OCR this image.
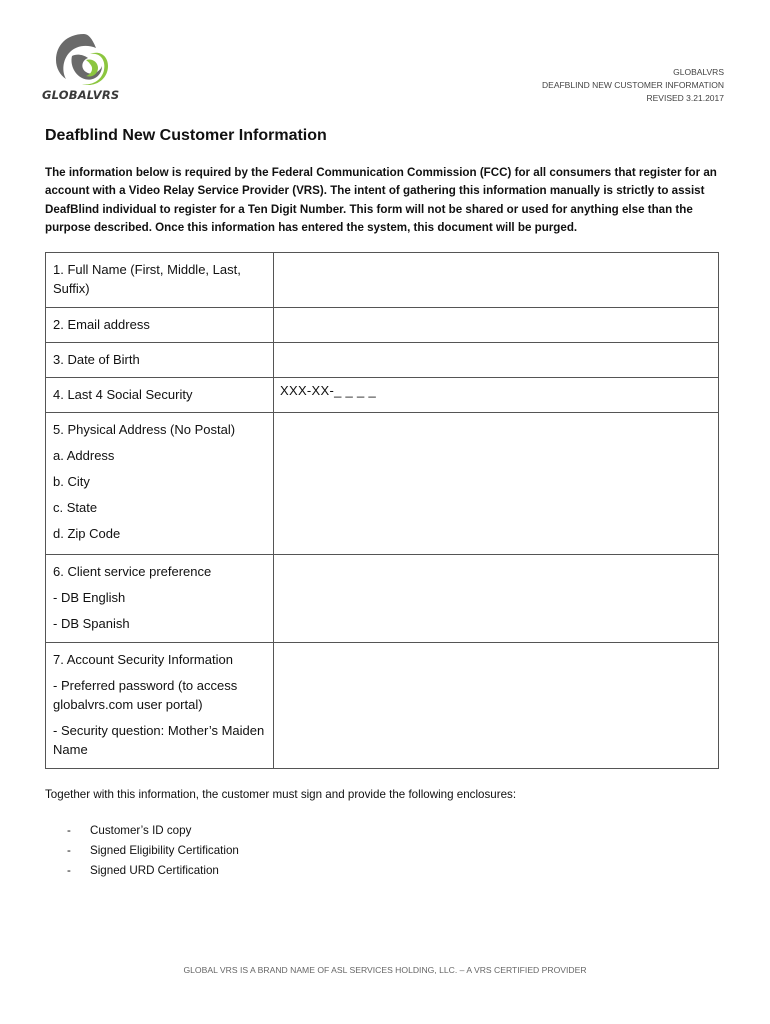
GLOBALVRS
GLOBALVRS
DEAFBLIND NEW CUSTOMER INFORMATION
REVISED 3.21.2017
Deafblind New Customer Information

The information below is required by the Federal Communication Commission (FCC) for all consumers that register for an account with a Video Relay Service Provider (VRS). The intent of gathering this information manually is strictly to assist DeafBlind individual to register for a Ten Digit Number. This form will not be shared or used for anything else than the purpose described. Once this information has entered the system, this document will be purged.

1. Full Name (First, Middle, Last, Suffix)	
2. Email address	
3. Date of Birth	
4. Last 4 Social Security	XXX-XX-_ _ _ _
5. Physical Address (No Postal)
a. Address
b. City
c. State
d. Zip Code	

6. Client service preference
- DB English
- DB Spanish	

7. Account Security Information
- Preferred password (to access globalvrs.com user portal)
- Security question: Mother’s Maiden Name	

Together with this information, the customer must sign and provide the following enclosures:

- Customer’s ID copy
- Signed Eligibility Certification
- Signed URD Certification
GLOBAL VRS IS A BRAND NAME OF ASL SERVICES HOLDING, LLC. – A VRS CERTIFIED PROVIDER
